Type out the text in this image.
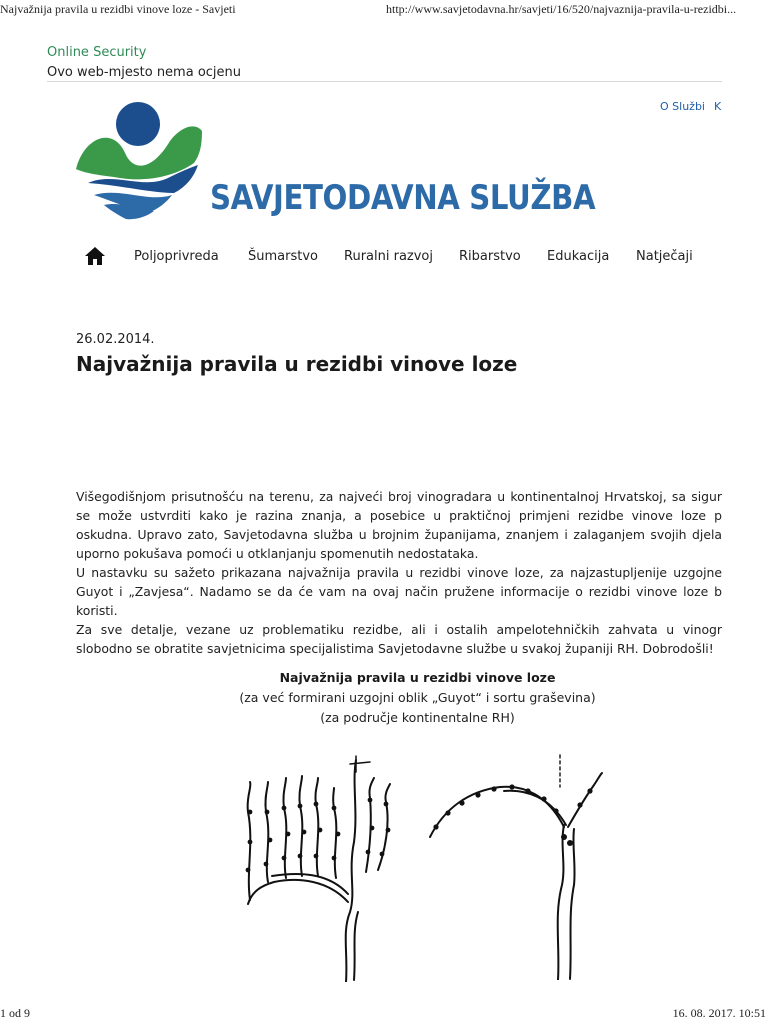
Najvažnija pravila u rezidbi vinove loze - Savjeti	http://www.savjetodavna.hr/savjeti/16/520/najvaznija-pravila-u-rezidbi...
Online Security
Ovo web-mjesto nema ocjenu
O Službi K
SAVJETODAVNA SLUŽBA
Poljoprivreda Šumarstvo Ruralni razvoj Ribarstvo Edukacija Natječaji
26.02.2014.
Najvažnija pravila u rezidbi vinove loze
Višegodišnjom prisutnošću na terenu, za najveći broj vinogradara u kontinentalnoj Hrvatskoj, sa sigur
se može ustvrditi kako je razina znanja, a posebice u praktičnoj primjeni rezidbe vinove loze p
oskudna. Upravo zato, Savjetodavna služba u brojnim županijama, znanjem i zalaganjem svojih djela
uporno pokušava pomoći u otklanjanju spomenutih nedostataka.
U nastavku su sažeto prikazana najvažnija pravila u rezidbi vinove loze, za najzastupljenije uzgojne
Guyot i „Zavjesa“. Nadamo se da će vam na ovaj način pružene informacije o rezidbi vinove loze b
koristi.
Za sve detalje, vezane uz problematiku rezidbe, ali i ostalih ampelotehničkih zahvata u vinogr
slobodno se obratite savjetnicima specijalistima Savjetodavne službe u svakoj županiji RH. Dobrodošli!
Najvažnija pravila u rezidbi vinove loze
(za već formirani uzgojni oblik „Guyot“ i sortu graševina)
(za područje kontinentalne RH)
1 od 9	16. 08. 2017. 10:51
